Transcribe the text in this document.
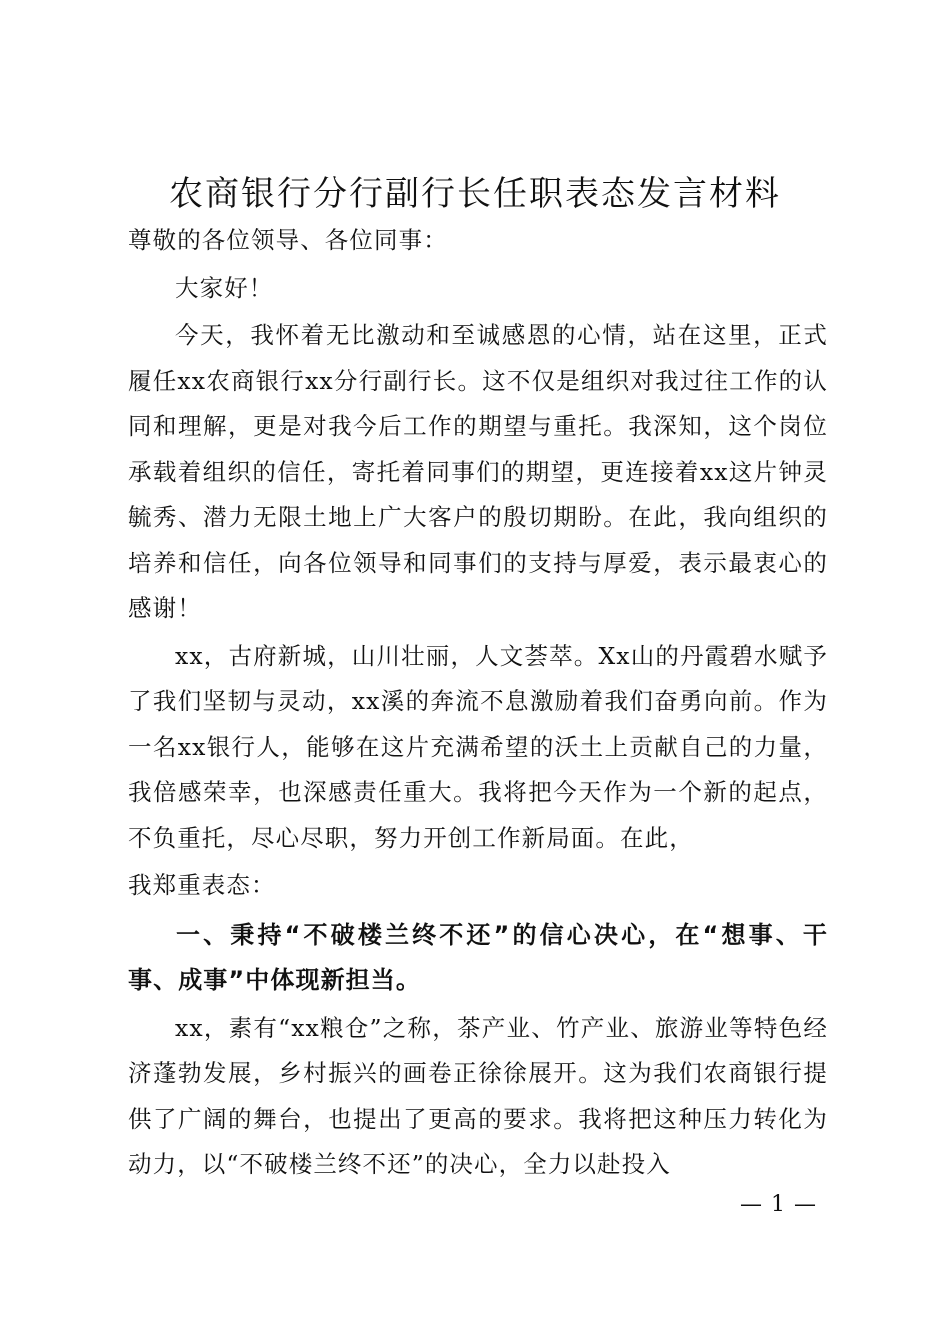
农商银行分行副行长任职表态发言材料

尊敬的各位领导、各位同事：

大家好！

今天，我怀着无比激动和至诚感恩的心情，站在这里，正式履任xx农商银行xx分行副行长。这不仅是组织对我过往工作的认同和理解，更是对我今后工作的期望与重托。我深知，这个岗位承载着组织的信任，寄托着同事们的期望，更连接着xx这片钟灵毓秀、潜力无限土地上广大客户的殷切期盼。在此，我向组织的培养和信任，向各位领导和同事们的支持与厚爱，表示最衷心的感谢！

xx，古府新城，山川壮丽，人文荟萃。Xx山的丹霞碧水赋予了我们坚韧与灵动，xx溪的奔流不息激励着我们奋勇向前。作为一名xx银行人，能够在这片充满希望的沃土上贡献自己的力量，我倍感荣幸，也深感责任重大。我将把今天作为一个新的起点，不负重托，尽心尽职，努力开创工作新局面。在此，

我郑重表态：

一、秉持“不破楼兰终不还”的信心决心，在“想事、干事、成事”中体现新担当。

xx，素有“xx粮仓”之称，茶产业、竹产业、旅游业等特色经济蓬勃发展，乡村振兴的画卷正徐徐展开。这为我们农商银行提供了广阔的舞台，也提出了更高的要求。我将把这种压力转化为动力，以“不破楼兰终不还”的决心，全力以赴投入

— 1 —
